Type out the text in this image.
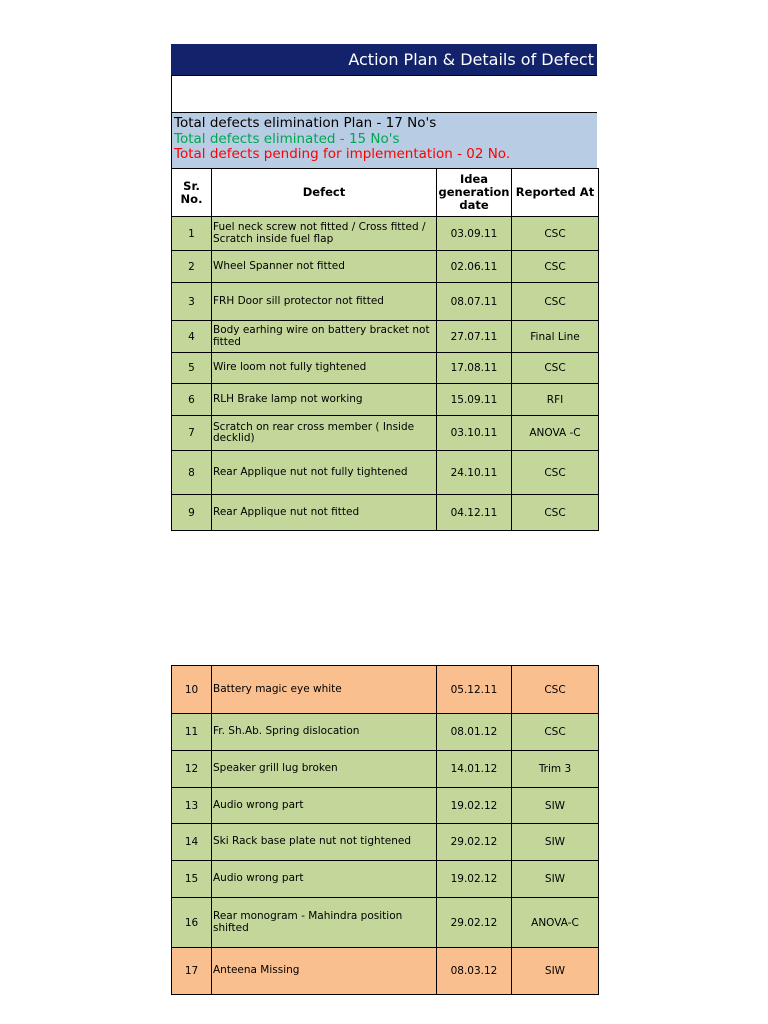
Action Plan & Details of Defect
Total defects elimination Plan - 17 No's
Total defects eliminated - 15 No's
Total defects pending for implementation - 02 No.
Sr. No.	Defect	Idea generation date	Reported At
1	Fuel neck screw not fitted / Cross fitted / Scratch inside fuel flap	03.09.11	CSC
2	Wheel Spanner not fitted	02.06.11	CSC
3	FRH Door sill protector not fitted	08.07.11	CSC
4	Body earhing wire on battery bracket not fitted	27.07.11	Final Line
5	Wire loom not fully tightened	17.08.11	CSC
6	RLH Brake lamp not working	15.09.11	RFI
7	Scratch on rear cross member ( Inside decklid)	03.10.11	ANOVA -C
8	Rear Applique nut not fully tightened	24.10.11	CSC
9	Rear Applique nut not fitted	04.12.11	CSC
10	Battery magic eye white	05.12.11	CSC
11	Fr. Sh.Ab. Spring dislocation	08.01.12	CSC
12	Speaker grill lug broken	14.01.12	Trim 3
13	Audio wrong part	19.02.12	SIW
14	Ski Rack base plate nut not tightened	29.02.12	SIW
15	Audio wrong part	19.02.12	SIW
16	Rear monogram - Mahindra position shifted	29.02.12	ANOVA-C
17	Anteena Missing	08.03.12	SIW
